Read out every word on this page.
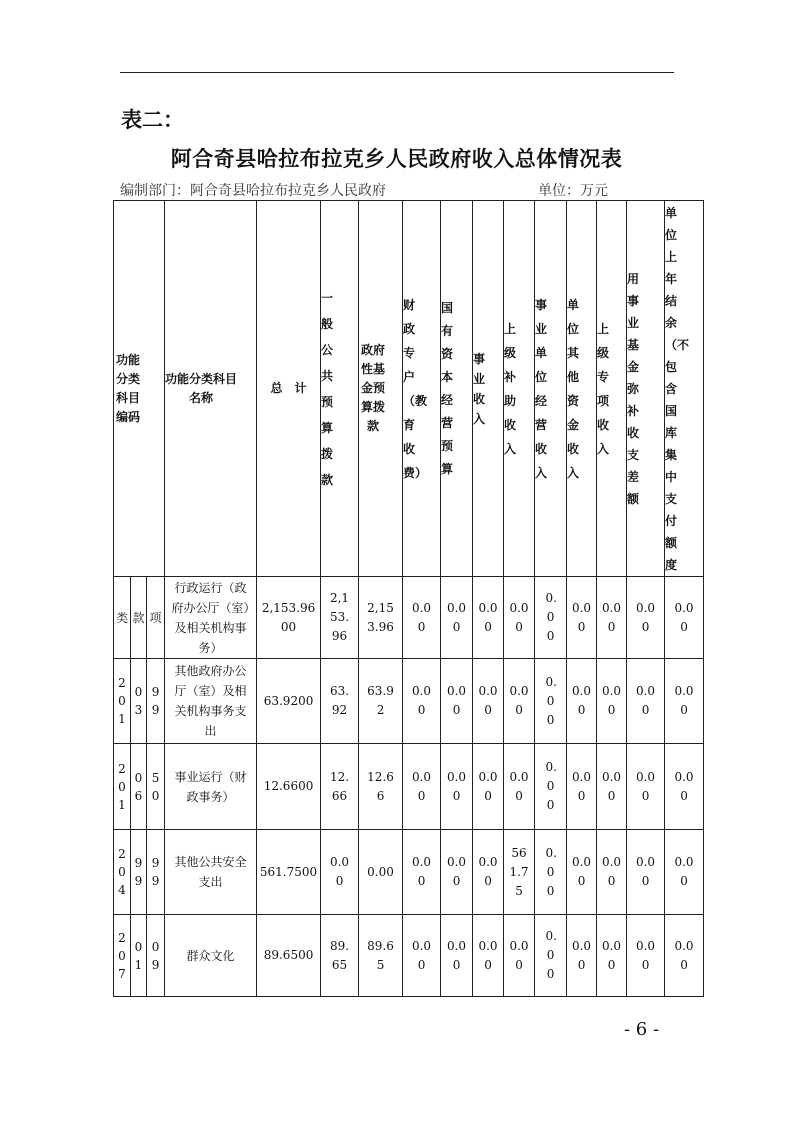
表二：
阿合奇县哈拉布拉克乡人民政府收入总体情况表
编制部门：阿合奇县哈拉布拉克乡人民政府	单位：万元
功能分类科目编码			功能分类科目名称	总　计	一般公共预算拨款	政府性基金预算拨款	财政专户（教育收费）	国有资本经营预算	事业收入	上级补助收入	事业单位经营收入	单位其他资金收入	上级专项收入	用事业基金弥补收支差额	单位上年结余（不包含国库集中支付额度

类	款	项	行政运行（政府办公厅（室）及相关机构事务）	2,153.9600	2,153.96	2,153.96	0.00	0.00	0.00	0.00	0.00	0.00	0.00	0.00	0.00
201	03	99	其他政府办公厅（室）及相关机构事务支出	63.9200	63.92	63.92	0.00	0.00	0.00	0.00	0.00	0.00	0.00	0.00	0.00
201	06	50	事业运行（财政事务）	12.6600	12.66	12.66	0.00	0.00	0.00	0.00	0.00	0.00	0.00	0.00	0.00
204	99	99	其他公共安全支出	561.7500	0.00	0.00	0.00	0.00	0.00	561.75	0.00	0.00	0.00	0.00	0.00
207	01	09	群众文化	89.6500	89.65	89.65	0.00	0.00	0.00	0.00	0.00	0.00	0.00	0.00	0.00
- 6 -
